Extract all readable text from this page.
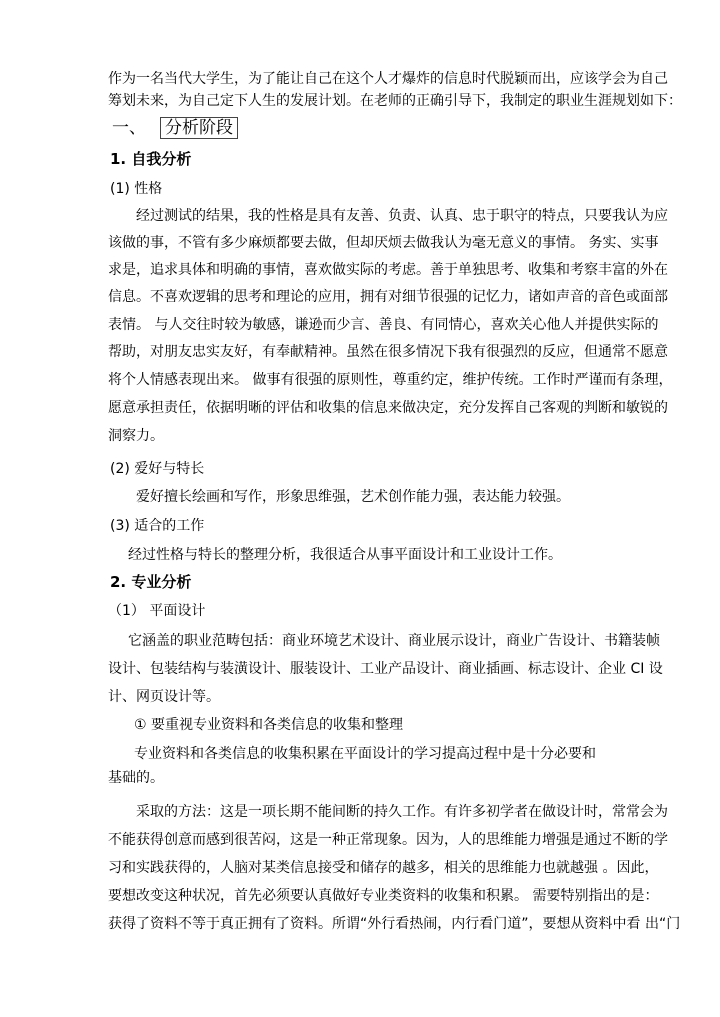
作为一名当代大学生，为了能让自己在这个人才爆炸的信息时代脱颖而出，应该学会为自己
筹划未来，为自己定下人生的发展计划。在老师的正确引导下，我制定的职业生涯规划如下：
一、 分析阶段
1. 自我分析
(1) 性格
经过测试的结果，我的性格是具有友善、负责、认真、忠于职守的特点，只要我认为应
该做的事，不管有多少麻烦都要去做，但却厌烦去做我认为毫无意义的事情。 务实、实事
求是，追求具体和明确的事情，喜欢做实际的考虑。善于单独思考、收集和考察丰富的外在
信息。不喜欢逻辑的思考和理论的应用，拥有对细节很强的记忆力，诸如声音的音色或面部
表情。 与人交往时较为敏感，谦逊而少言、善良、有同情心，喜欢关心他人并提供实际的
帮助，对朋友忠实友好，有奉献精神。虽然在很多情况下我有很强烈的反应，但通常不愿意
将个人情感表现出来。 做事有很强的原则性，尊重约定，维护传统。工作时严谨而有条理，
愿意承担责任，依据明晰的评估和收集的信息来做决定，充分发挥自己客观的判断和敏锐的
洞察力。
(2) 爱好与特长
爱好擅长绘画和写作，形象思维强，艺术创作能力强，表达能力较强。
(3) 适合的工作
经过性格与特长的整理分析，我很适合从事平面设计和工业设计工作。
2. 专业分析
（1） 平面设计
它涵盖的职业范畴包括：商业环境艺术设计、商业展示设计，商业广告设计、书籍装帧
设计、包装结构与装潢设计、服装设计、工业产品设计、商业插画、标志设计、企业 CI 设
计、网页设计等。
① 要重视专业资料和各类信息的收集和整理
专业资料和各类信息的收集积累在平面设计的学习提高过程中是十分必要和
基础的。
采取的方法：这是一项长期不能间断的持久工作。有许多初学者在做设计时，常常会为
不能获得创意而感到很苦闷，这是一种正常现象。因为，人的思维能力增强是通过不断的学
习和实践获得的，人脑对某类信息接受和储存的越多，相关的思维能力也就越强 。因此，
要想改变这种状况，首先必须要认真做好专业类资料的收集和积累。 需要特别指出的是：
获得了资料不等于真正拥有了资料。所谓“外行看热闹，内行看门道”，要想从资料中看 出“门
